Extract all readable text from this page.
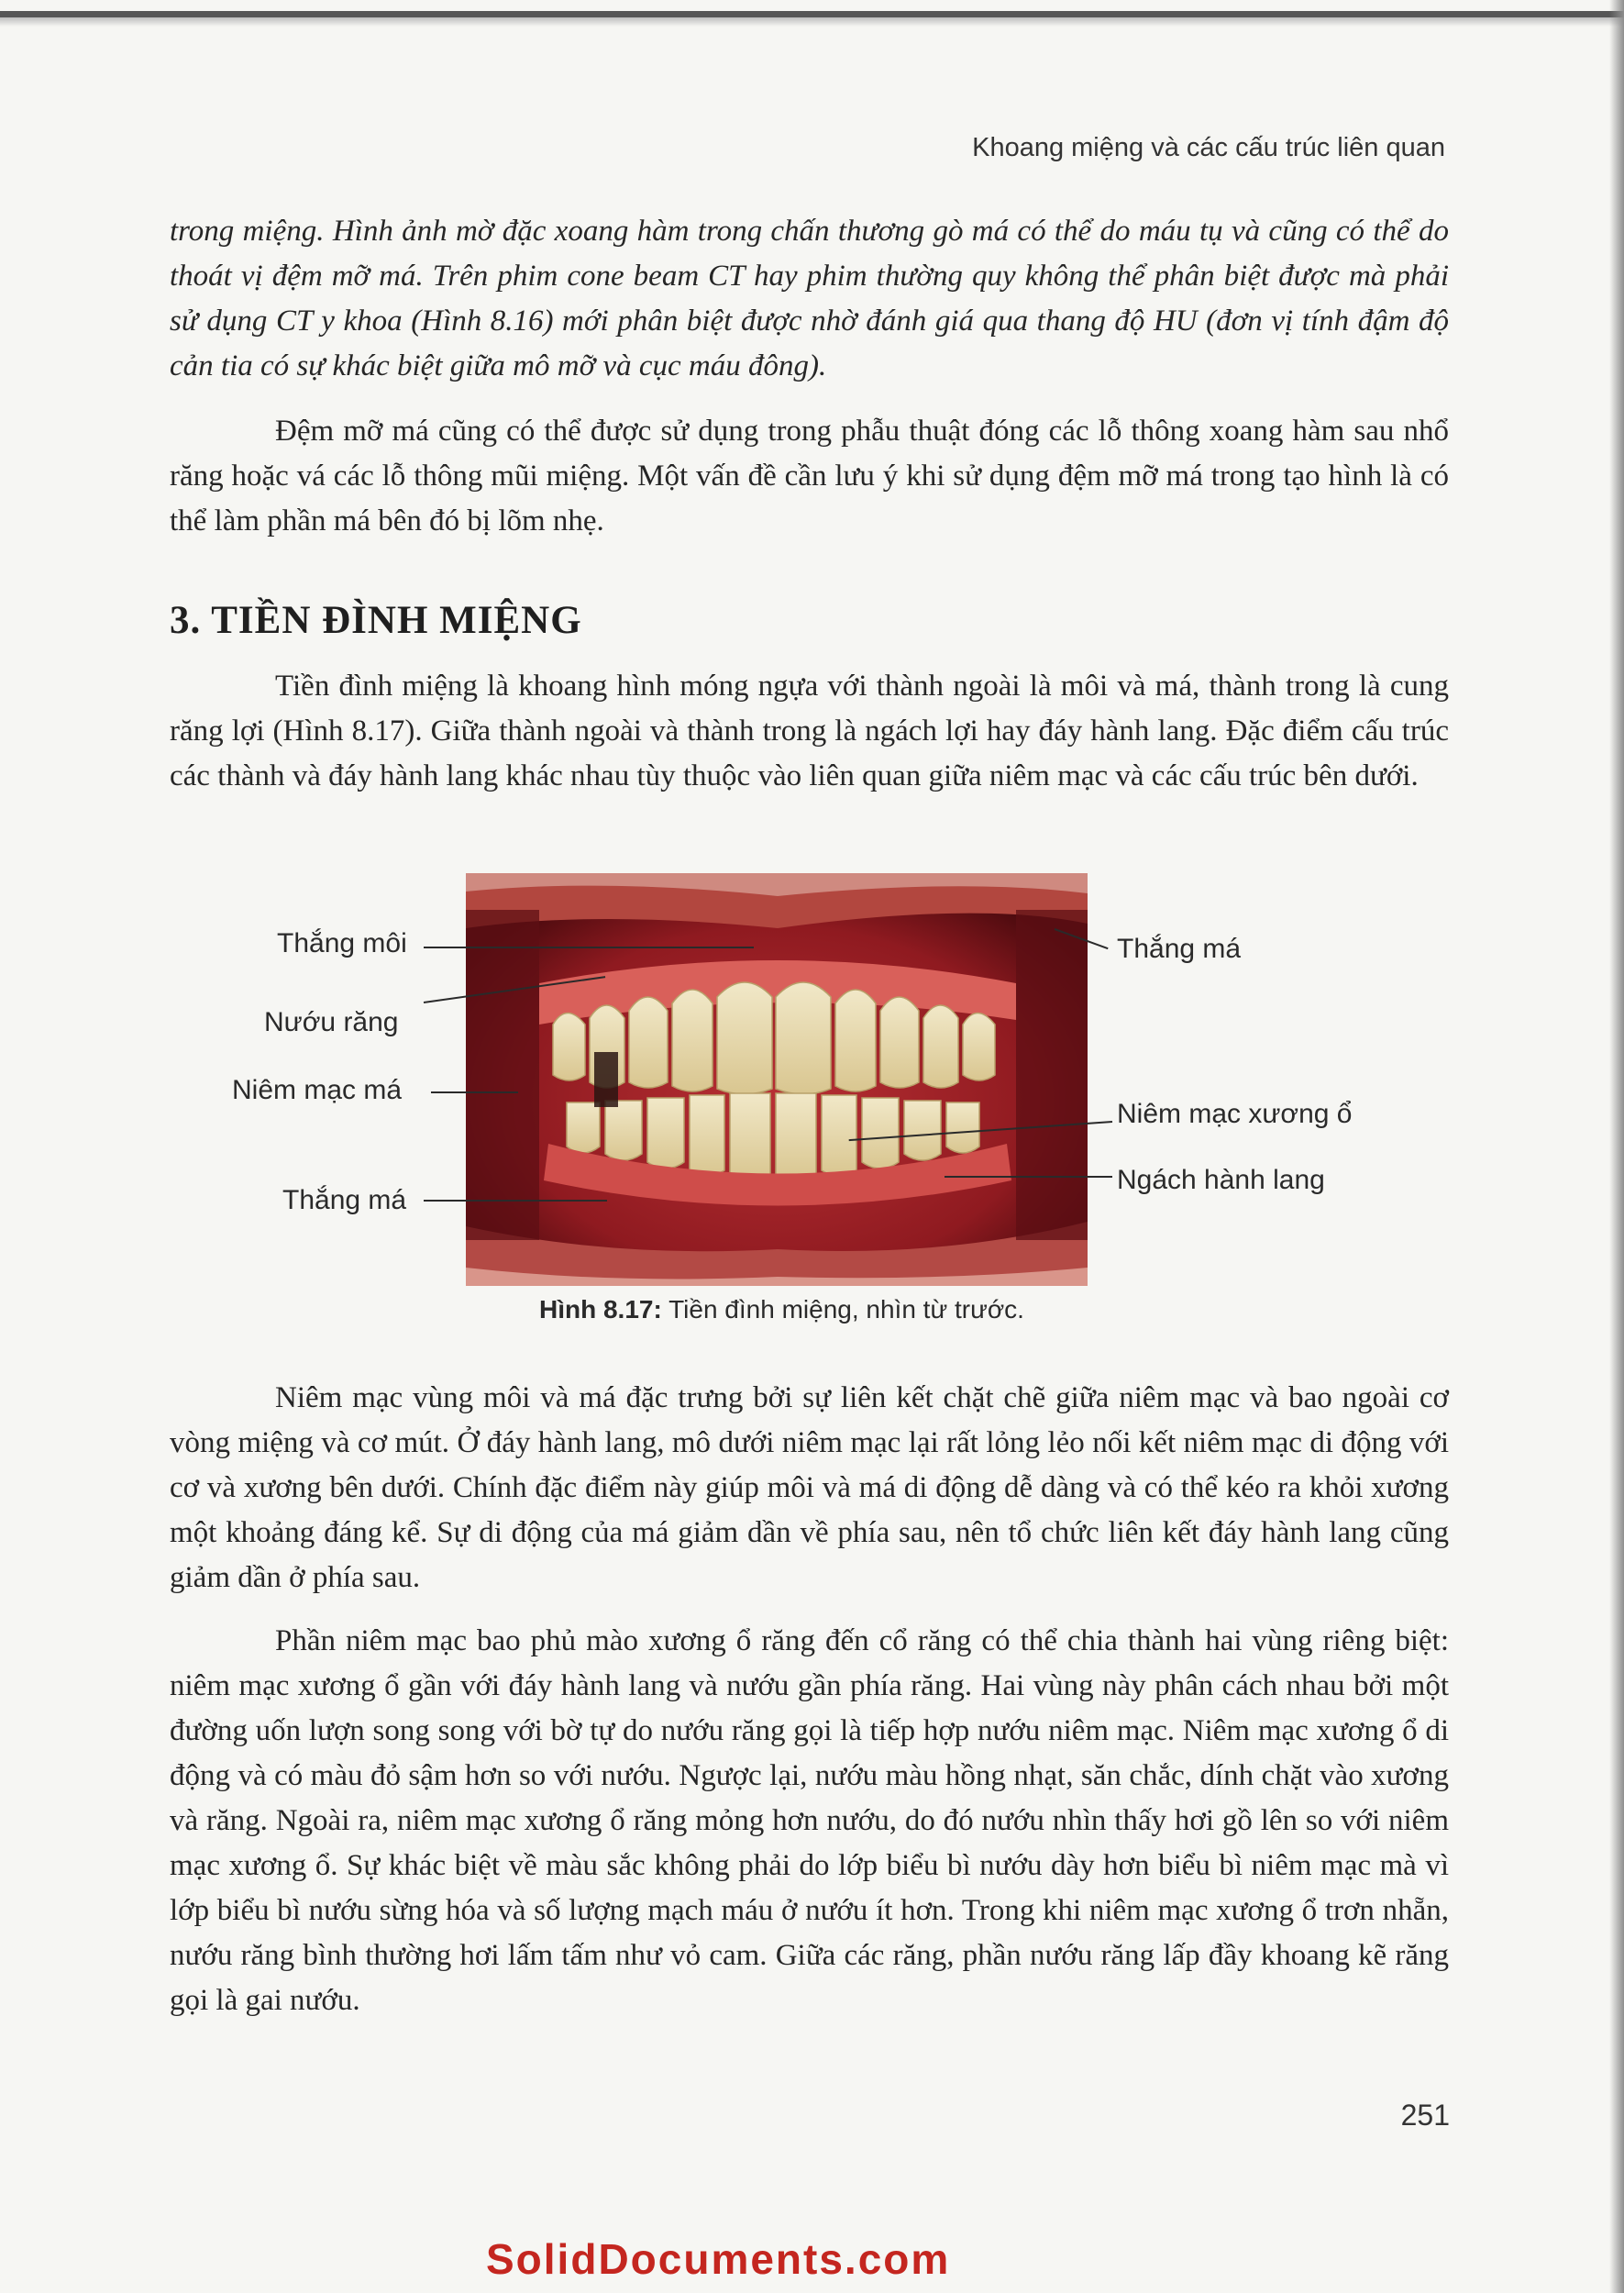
Khoang miệng và các cấu trúc liên quan

trong miệng. Hình ảnh mờ đặc xoang hàm trong chấn thương gò má có thể do máu tụ và cũng có thể do thoát vị đệm mỡ má. Trên phim cone beam CT hay phim thường quy không thể phân biệt được mà phải sử dụng CT y khoa (Hình 8.16) mới phân biệt được nhờ đánh giá qua thang độ HU (đơn vị tính đậm độ cản tia có sự khác biệt giữa mô mỡ và cục máu đông).

Đệm mỡ má cũng có thể được sử dụng trong phẫu thuật đóng các lỗ thông xoang hàm sau nhổ răng hoặc vá các lỗ thông mũi miệng. Một vấn đề cần lưu ý khi sử dụng đệm mỡ má trong tạo hình là có thể làm phần má bên đó bị lõm nhẹ.

3. TIỀN ĐÌNH MIỆNG

Tiền đình miệng là khoang hình móng ngựa với thành ngoài là môi và má, thành trong là cung răng lợi (Hình 8.17). Giữa thành ngoài và thành trong là ngách lợi hay đáy hành lang. Đặc điểm cấu trúc các thành và đáy hành lang khác nhau tùy thuộc vào liên quan giữa niêm mạc và các cấu trúc bên dưới.

Thắng môi
Nướu răng
Niêm mạc má
Thắng má
Thắng má
Niêm mạc xương ổ
Ngách hành lang
Hình 8.17: Tiền đình miệng, nhìn từ trước.

Niêm mạc vùng môi và má đặc trưng bởi sự liên kết chặt chẽ giữa niêm mạc và bao ngoài cơ vòng miệng và cơ mút. Ở đáy hành lang, mô dưới niêm mạc lại rất lỏng lẻo nối kết niêm mạc di động với cơ và xương bên dưới. Chính đặc điểm này giúp môi và má di động dễ dàng và có thể kéo ra khỏi xương một khoảng đáng kể. Sự di động của má giảm dần về phía sau, nên tổ chức liên kết đáy hành lang cũng giảm dần ở phía sau.

Phần niêm mạc bao phủ mào xương ổ răng đến cổ răng có thể chia thành hai vùng riêng biệt: niêm mạc xương ổ gần với đáy hành lang và nướu gần phía răng. Hai vùng này phân cách nhau bởi một đường uốn lượn song song với bờ tự do nướu răng gọi là tiếp hợp nướu niêm mạc. Niêm mạc xương ổ di động và có màu đỏ sậm hơn so với nướu. Ngược lại, nướu màu hồng nhạt, săn chắc, dính chặt vào xương và răng. Ngoài ra, niêm mạc xương ổ răng mỏng hơn nướu, do đó nướu nhìn thấy hơi gồ lên so với niêm mạc xương ổ. Sự khác biệt về màu sắc không phải do lớp biểu bì nướu dày hơn biểu bì niêm mạc mà vì lớp biểu bì nướu sừng hóa và số lượng mạch máu ở nướu ít hơn. Trong khi niêm mạc xương ổ trơn nhẵn, nướu răng bình thường hơi lấm tấm như vỏ cam. Giữa các răng, phần nướu răng lấp đầy khoang kẽ răng gọi là gai nướu.

251
SolidDocuments.com
